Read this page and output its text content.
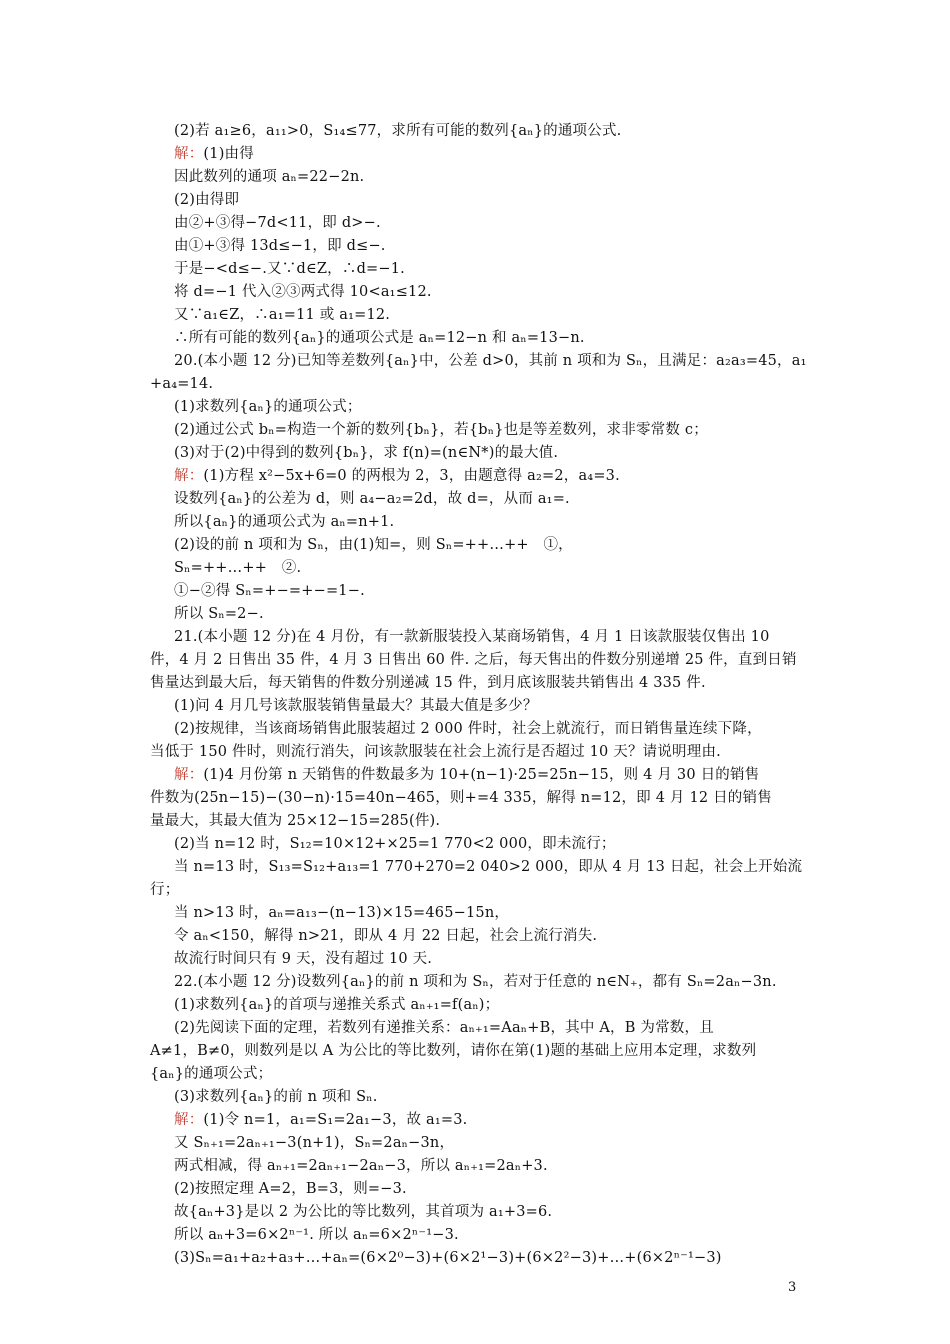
(2)若 a₁≥6，a₁₁>0，S₁₄≤77，求所有可能的数列{aₙ}的通项公式.
解：(1)由得
因此数列的通项 aₙ=22−2n.
(2)由得即
由②+③得−7d<11，即 d>−.
由①+③得 13d≤−1，即 d≤−.
于是−<d≤−.又∵d∈Z，∴d=−1.
将 d=−1 代入②③两式得 10<a₁≤12.
又∵a₁∈Z，∴a₁=11 或 a₁=12.
∴所有可能的数列{aₙ}的通项公式是 aₙ=12−n 和 aₙ=13−n.
20.(本小题 12 分)已知等差数列{aₙ}中，公差 d>0，其前 n 项和为 Sₙ，且满足：a₂a₃=45，a₁
+a₄=14.
(1)求数列{aₙ}的通项公式；
(2)通过公式 bₙ=构造一个新的数列{bₙ}，若{bₙ}也是等差数列，求非零常数 c；
(3)对于(2)中得到的数列{bₙ}，求 f(n)=(n∈N*)的最大值.
解：(1)方程 x²−5x+6=0 的两根为 2，3，由题意得 a₂=2，a₄=3.
设数列{aₙ}的公差为 d，则 a₄−a₂=2d，故 d=，从而 a₁=.
所以{aₙ}的通项公式为 aₙ=n+1.
(2)设的前 n 项和为 Sₙ，由(1)知=，则 Sₙ=++…++　①，
Sₙ=++…++　②.
①−②得 Sₙ=+−=+−=1−.
所以 Sₙ=2−.
21.(本小题 12 分)在 4 月份，有一款新服装投入某商场销售，4 月 1 日该款服装仅售出 10
件，4 月 2 日售出 35 件，4 月 3 日售出 60 件. 之后，每天售出的件数分别递增 25 件，直到日销
售量达到最大后，每天销售的件数分别递减 15 件，到月底该服装共销售出 4 335 件.
(1)问 4 月几号该款服装销售量最大？其最大值是多少？
(2)按规律，当该商场销售此服装超过 2 000 件时，社会上就流行，而日销售量连续下降，
当低于 150 件时，则流行消失，问该款服装在社会上流行是否超过 10 天？请说明理由.
解：(1)4 月份第 n 天销售的件数最多为 10+(n−1)·25=25n−15，则 4 月 30 日的销售
件数为(25n−15)−(30−n)·15=40n−465，则+=4 335，解得 n=12，即 4 月 12 日的销售
量最大，其最大值为 25×12−15=285(件).
(2)当 n=12 时，S₁₂=10×12+×25=1 770<2 000，即未流行；
当 n=13 时，S₁₃=S₁₂+a₁₃=1 770+270=2 040>2 000，即从 4 月 13 日起，社会上开始流
行；
当 n>13 时，aₙ=a₁₃−(n−13)×15=465−15n，
令 aₙ<150，解得 n>21，即从 4 月 22 日起，社会上流行消失.
故流行时间只有 9 天，没有超过 10 天.
22.(本小题 12 分)设数列{aₙ}的前 n 项和为 Sₙ，若对于任意的 n∈N₊，都有 Sₙ=2aₙ−3n.
(1)求数列{aₙ}的首项与递推关系式 aₙ₊₁=f(aₙ)；
(2)先阅读下面的定理，若数列有递推关系：aₙ₊₁=Aaₙ+B，其中 A，B 为常数，且
A≠1，B≠0，则数列是以 A 为公比的等比数列，请你在第(1)题的基础上应用本定理，求数列
{aₙ}的通项公式；
(3)求数列{aₙ}的前 n 项和 Sₙ.
解：(1)令 n=1，a₁=S₁=2a₁−3，故 a₁=3.
又 Sₙ₊₁=2aₙ₊₁−3(n+1)，Sₙ=2aₙ−3n，
两式相减，得 aₙ₊₁=2aₙ₊₁−2aₙ−3，所以 aₙ₊₁=2aₙ+3.
(2)按照定理 A=2，B=3，则=−3.
故{aₙ+3}是以 2 为公比的等比数列，其首项为 a₁+3=6.
所以 aₙ+3=6×2ⁿ⁻¹. 所以 aₙ=6×2ⁿ⁻¹−3.
(3)Sₙ=a₁+a₂+a₃+…+aₙ=(6×2⁰−3)+(6×2¹−3)+(6×2²−3)+…+(6×2ⁿ⁻¹−3)
3
